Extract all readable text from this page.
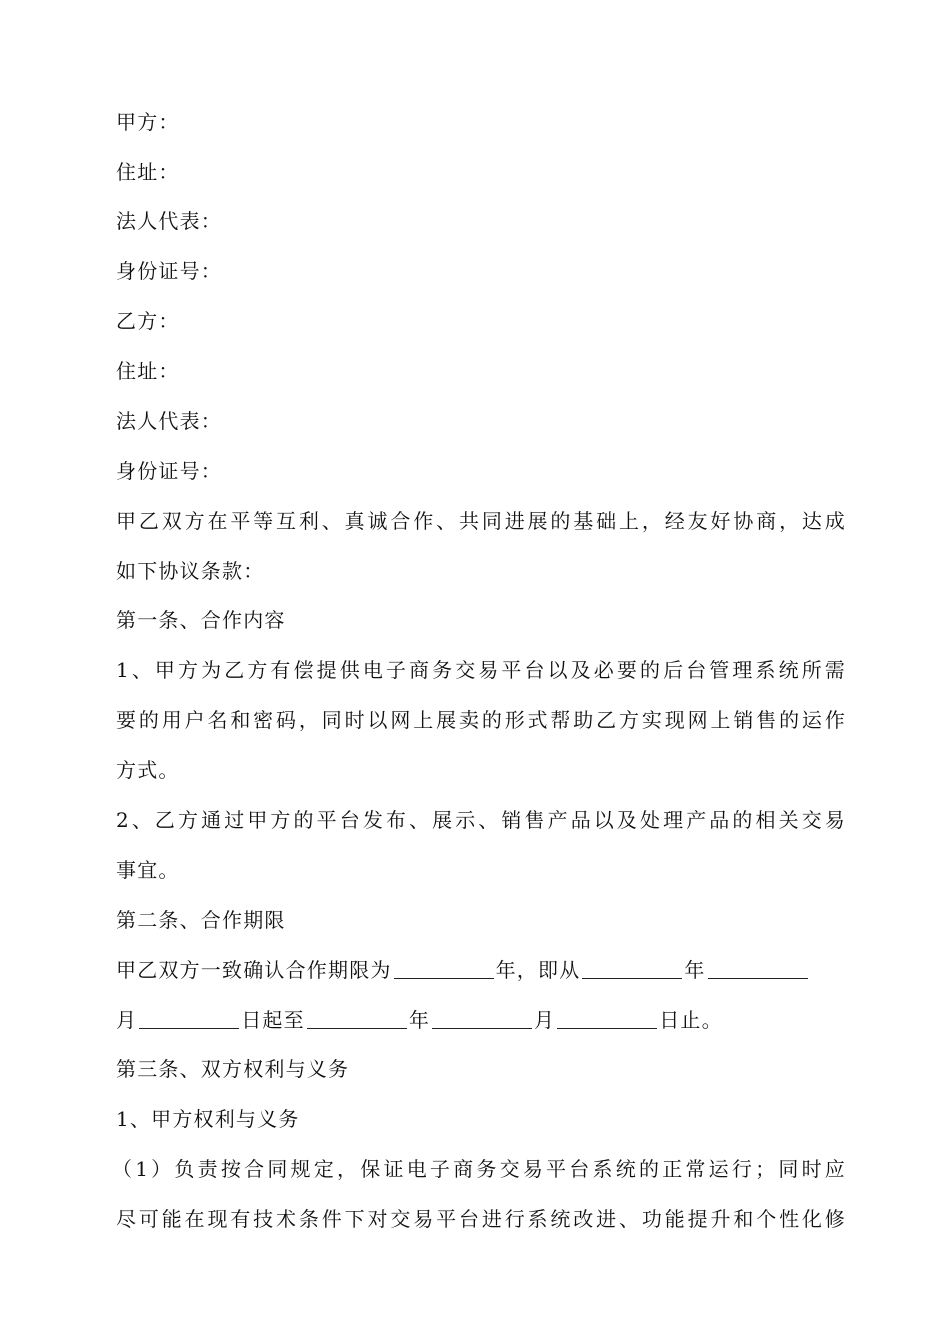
甲方：
住址：
法人代表：
身份证号：
乙方：
住址：
法人代表：
身份证号：
甲乙双方在平等互利、真诚合作、共同进展的基础上，经友好协商，达成
如下协议条款：
第一条、合作内容
1、甲方为乙方有偿提供电子商务交易平台以及必要的后台管理系统所需
要的用户名和密码，同时以网上展卖的形式帮助乙方实现网上销售的运作
方式。
2、乙方通过甲方的平台发布、展示、销售产品以及处理产品的相关交易
事宜。
第二条、合作期限
甲乙双方一致确认合作期限为	年，即从	年
月	日起至	年	月	日止。
第三条、双方权利与义务
1、甲方权利与义务
（1）负责按合同规定，保证电子商务交易平台系统的正常运行；同时应
尽可能在现有技术条件下对交易平台进行系统改进、功能提升和个性化修
